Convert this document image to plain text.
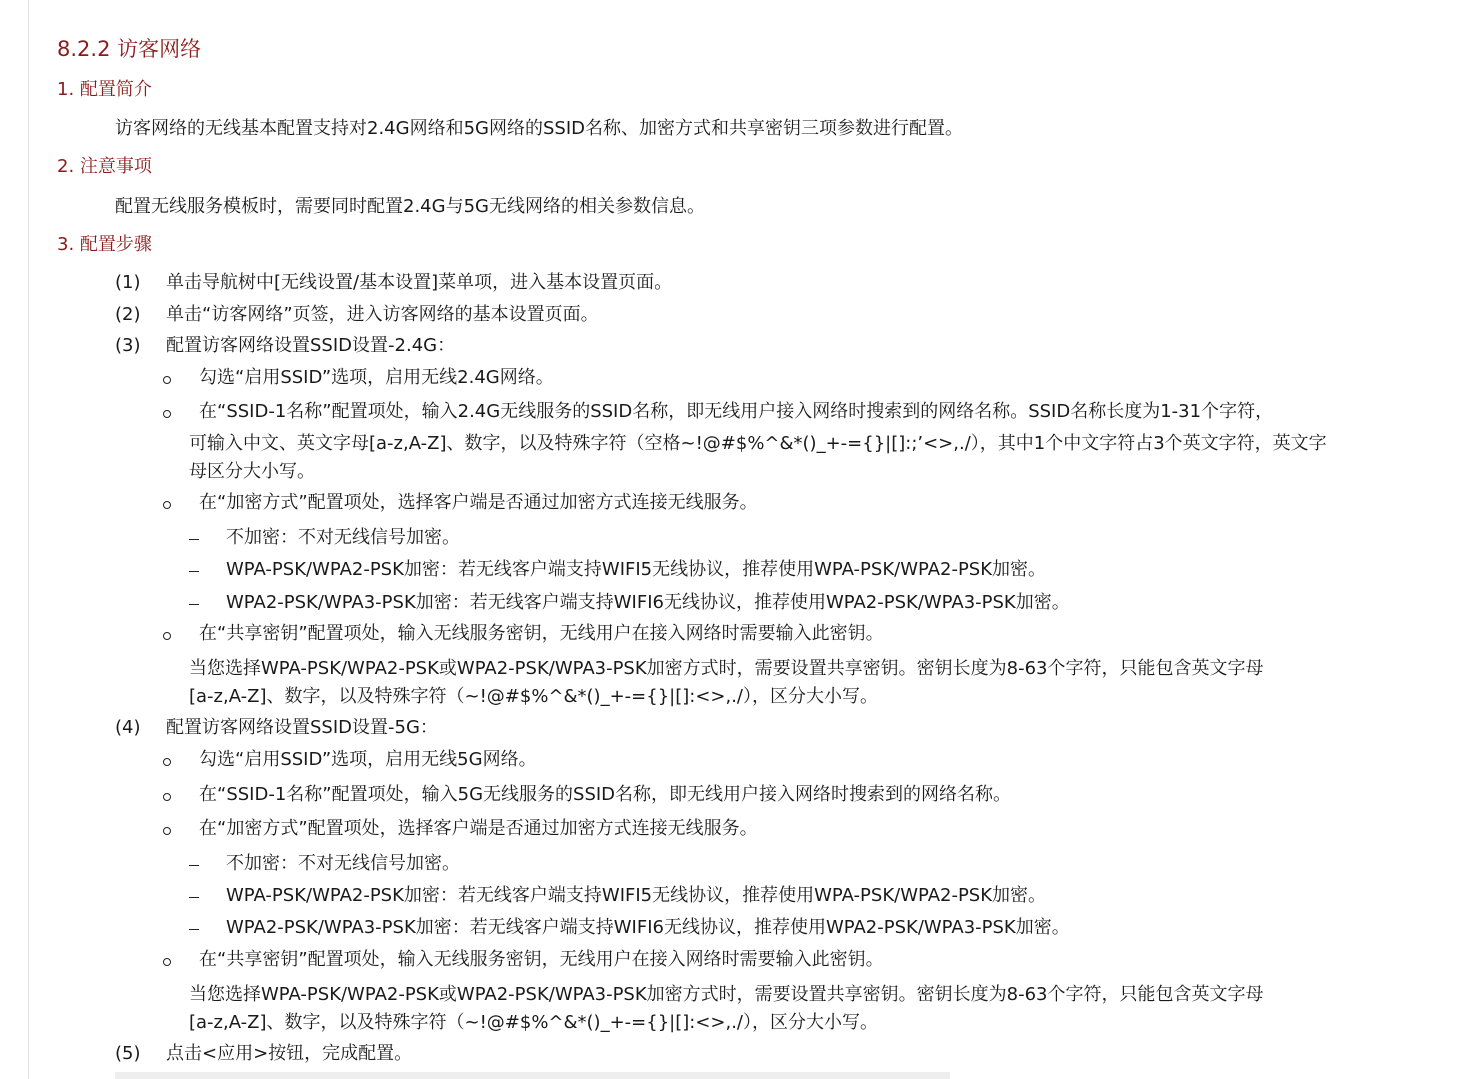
8.2.2 访客网络
1. 配置简介
访客网络的无线基本配置支持对2.4G网络和5G网络的SSID名称、加密方式和共享密钥三项参数进行配置。
2. 注意事项
配置无线服务模板时，需要同时配置2.4G与5G无线网络的相关参数信息。
3. 配置步骤
(1) 单击导航树中[无线设置/基本设置]菜单项，进入基本设置页面。
(2) 单击“访客网络”页签，进入访客网络的基本设置页面。
(3) 配置访客网络设置SSID设置-2.4G：
勾选“启用SSID”选项，启用无线2.4G网络。
在“SSID-1名称”配置项处，输入2.4G无线服务的SSID名称，即无线用户接入网络时搜索到的网络名称。SSID名称长度为1-31个字符，
可输入中文、英文字母[a-z,A-Z]、数字，以及特殊字符（空格~!@#$%^&*()_+-={}|[]:;’<>,./），其中1个中文字符占3个英文字符，英文字
母区分大小写。
在“加密方式”配置项处，选择客户端是否通过加密方式连接无线服务。
不加密：不对无线信号加密。
WPA-PSK/WPA2-PSK加密：若无线客户端支持WIFI5无线协议，推荐使用WPA-PSK/WPA2-PSK加密。
WPA2-PSK/WPA3-PSK加密：若无线客户端支持WIFI6无线协议，推荐使用WPA2-PSK/WPA3-PSK加密。
在“共享密钥”配置项处，输入无线服务密钥，无线用户在接入网络时需要输入此密钥。
当您选择WPA-PSK/WPA2-PSK或WPA2-PSK/WPA3-PSK加密方式时，需要设置共享密钥。密钥长度为8-63个字符，只能包含英文字母
[a-z,A-Z]、数字，以及特殊字符（~!@#$%^&*()_+-={}|[]:<>,./），区分大小写。
(4) 配置访客网络设置SSID设置-5G：
勾选“启用SSID”选项，启用无线5G网络。
在“SSID-1名称”配置项处，输入5G无线服务的SSID名称，即无线用户接入网络时搜索到的网络名称。
在“加密方式”配置项处，选择客户端是否通过加密方式连接无线服务。
不加密：不对无线信号加密。
WPA-PSK/WPA2-PSK加密：若无线客户端支持WIFI5无线协议，推荐使用WPA-PSK/WPA2-PSK加密。
WPA2-PSK/WPA3-PSK加密：若无线客户端支持WIFI6无线协议，推荐使用WPA2-PSK/WPA3-PSK加密。
在“共享密钥”配置项处，输入无线服务密钥，无线用户在接入网络时需要输入此密钥。
当您选择WPA-PSK/WPA2-PSK或WPA2-PSK/WPA3-PSK加密方式时，需要设置共享密钥。密钥长度为8-63个字符，只能包含英文字母
[a-z,A-Z]、数字，以及特殊字符（~!@#$%^&*()_+-={}|[]:<>,./），区分大小写。
(5) 点击<应用>按钮，完成配置。
